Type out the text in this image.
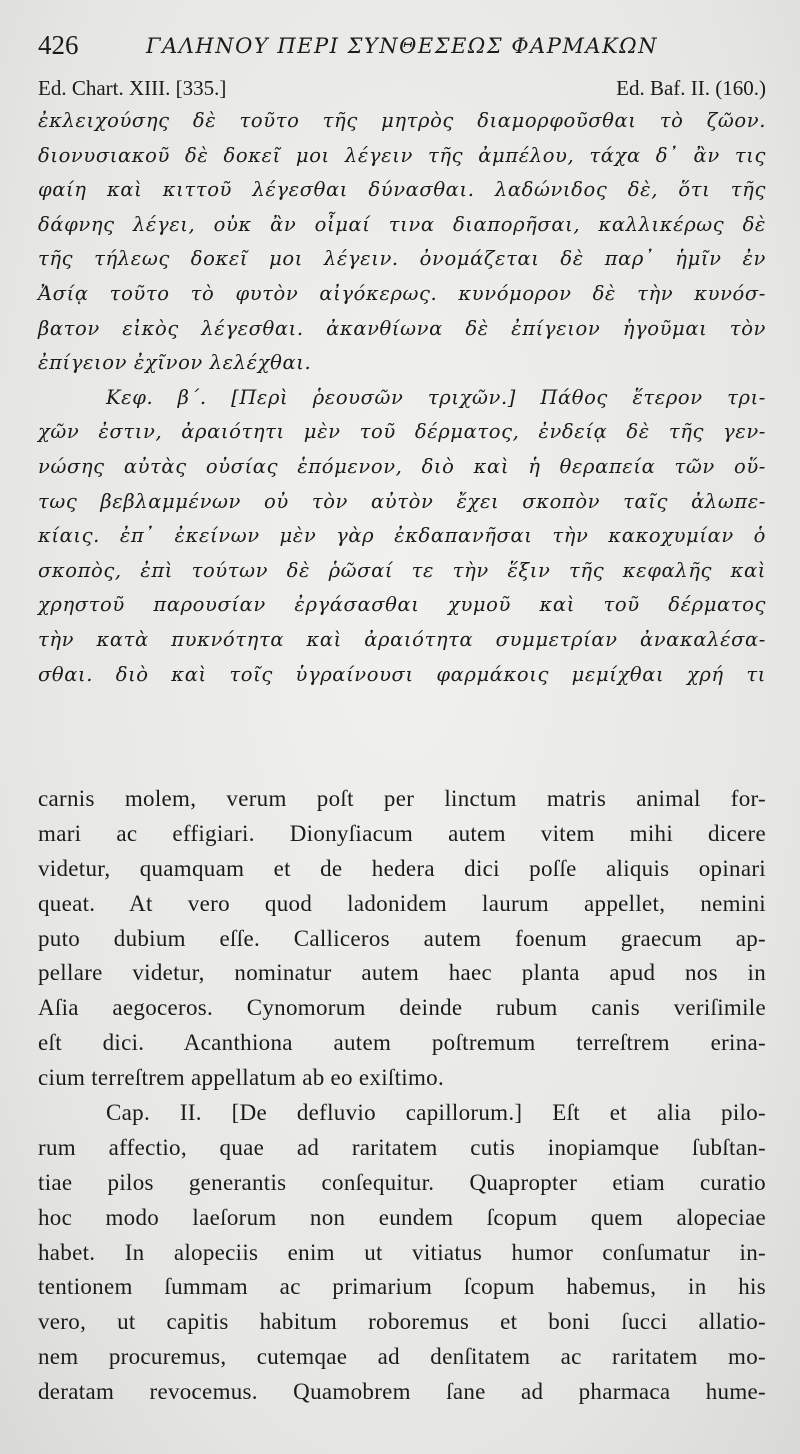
426	ΓΑΛΗΝΟΥ ΠΕΡΙ ΣΥΝΘΕΣΕΩΣ ΦΑΡΜΑΚΩΝ
Ed. Chart. XIII. [335.]	Ed. Baf. II. (160.)
ἐκλειχούσης δὲ τοῦτο τῆς μητρὸς διαμορφοῦσθαι τὸ ζῶον.
διονυσιακοῦ δὲ δοκεῖ μοι λέγειν τῆς ἀμπέλου, τάχα δ᾽ ἂν τις
φαίη καὶ κιττοῦ λέγεσθαι δύνασθαι. λαδώνιδος δὲ, ὅτι τῆς
δάφνης λέγει, οὐκ ἂν οἶμαί τινα διαπορῆσαι, καλλικέρως δὲ
τῆς τήλεως δοκεῖ μοι λέγειν. ὀνομάζεται δὲ παρ᾽ ἡμῖν ἐν
Ἀσίᾳ τοῦτο τὸ φυτὸν αἰγόκερως. κυνόμορον δὲ τὴν κυνόσ-
βατον εἰκὸς λέγεσθαι. ἀκανθίωνα δὲ ἐπίγειον ἡγοῦμαι τὸν
ἐπίγειον ἐχῖνον λελέχθαι.
Κεφ. β΄. [Περὶ ῥεουσῶν τριχῶν.] Πάθος ἕτερον τρι-
χῶν ἐστιν, ἀραιότητι μὲν τοῦ δέρματος, ἐνδείᾳ δὲ τῆς γεν-
νώσης αὐτὰς οὐσίας ἑπόμενον, διὸ καὶ ἡ θεραπεία τῶν οὕ-
τως βεβλαμμένων οὐ τὸν αὐτὸν ἔχει σκοπὸν ταῖς ἀλωπε-
κίαις. ἐπ᾽ ἐκείνων μὲν γὰρ ἐκδαπανῆσαι τὴν κακοχυμίαν ὁ
σκοπὸς, ἐπὶ τούτων δὲ ῥῶσαί τε τὴν ἕξιν τῆς κεφαλῆς καὶ
χρηστοῦ παρουσίαν ἐργάσασθαι χυμοῦ καὶ τοῦ δέρματος
τὴν κατὰ πυκνότητα καὶ ἀραιότητα συμμετρίαν ἀνακαλέσα-
σθαι. διὸ καὶ τοῖς ὑγραίνουσι φαρμάκοις μεμίχθαι χρή τι
carnis molem, verum poſt per linctum matris animal for-
mari ac effigiari. Dionyſiacum autem vitem mihi dicere
videtur, quamquam et de hedera dici poſſe aliquis opinari
queat. At vero quod ladonidem laurum appellet, nemini
puto dubium eſſe. Calliceros autem foenum graecum ap-
pellare videtur, nominatur autem haec planta apud nos in
Aſia aegoceros. Cynomorum deinde rubum canis veriſimile
eſt dici. Acanthiona autem poſtremum terreſtrem erina-
cium terreſtrem appellatum ab eo exiſtimo.
Cap. II. [De defluvio capillorum.] Eſt et alia pilo-
rum affectio, quae ad raritatem cutis inopiamque ſubſtan-
tiae pilos generantis conſequitur. Quapropter etiam curatio
hoc modo laeſorum non eundem ſcopum quem alopeciae
habet. In alopeciis enim ut vitiatus humor conſumatur in-
tentionem ſummam ac primarium ſcopum habemus, in his
vero, ut capitis habitum roboremus et boni ſucci allatio-
nem procuremus, cutemqae ad denſitatem ac raritatem mo-
deratam revocemus. Quamobrem ſane ad pharmaca hume-
